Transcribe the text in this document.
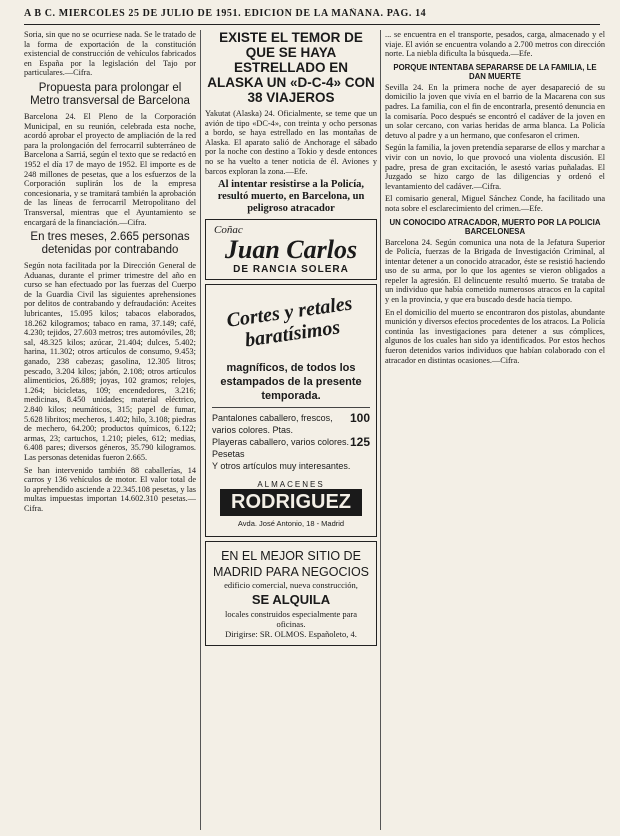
A B C. MIERCOLES 25 DE JULIO DE 1951. EDICION DE LA MAÑANA. PAG. 14

Soria, sin que no se ocurriese nada. Se le tratado de la forma de exportación de la constitución existencial de construcción de vehículos fabricados en España por la legislación del Tajo por particulares.—Cifra.

Propuesta para prolongar el Metro transversal de Barcelona

Barcelona 24. El Pleno de la Corporación Municipal, en su reunión, celebrada esta noche, acordó aprobar el proyecto de ampliación de la red para la prolongación del ferrocarril subterráneo de Barcelona a Sarriá, según el texto que se redactó en 1952 el día 17 de mayo de 1952. El importe es de 248 millones de pesetas, que a los esfuerzos de la Corporación suplirán los de la empresa concesionaria, y se tramitará también la aprobación de las líneas de ferrocarril Metropolitano del Transversal, mientras que el Ayuntamiento se encargará de la financiación.—Cifra.

En tres meses, 2.665 personas detenidas por contrabando

Según nota facilitada por la Dirección General de Aduanas, durante el primer trimestre del año en curso se han efectuado por las fuerzas del Cuerpo de la Guardia Civil las siguientes aprehensiones por delitos de contrabando y defraudación: Aceites lubricantes, 15.095 kilos; tabacos elaborados, 18.262 kilogramos; tabaco en rama, 37.149; café, 4.230; tejidos, 27.603 metros; tres automóviles, 28; sal, 48.325 kilos; azúcar, 21.404; dulces, 5.402; harina, 11.302; otros artículos de consumo, 9.453; ganado, 238 cabezas; gasolina, 12.305 litros; pescado, 3.204 kilos; jabón, 2.108; otros artículos alimenticios, 26.889; joyas, 102 gramos; relojes, 1.264; bicicletas, 109; encendedores, 3.216; medicinas, 8.450 unidades; material eléctrico, 2.840 kilos; neumáticos, 315; papel de fumar, 5.628 libritos; mecheros, 1.402; hilo, 3.108; piedras de mechero, 64.200; productos químicos, 6.122; armas, 23; cartuchos, 1.210; pieles, 612; medias, 6.408 pares; diversos géneros, 35.790 kilogramos. Las personas detenidas fueron 2.665.

Se han intervenido también 88 caballerías, 14 carros y 136 vehículos de motor. El valor total de lo aprehendido asciende a 22.345.108 pesetas, y las multas impuestas importan 14.602.310 pesetas.—Cifra.

EXISTE EL TEMOR DE QUE SE HAYA ESTRELLADO EN ALASKA UN «D-C-4» CON 38 VIAJEROS

Yakutat (Alaska) 24. Oficialmente, se teme que un avión de tipo «DC-4», con treinta y ocho personas a bordo, se haya estrellado en las montañas de Alaska. El aparato salió de Anchorage el sábado por la noche con destino a Tokio y desde entonces no se ha vuelto a tener noticia de él. Aviones y barcos exploran la zona.—Efe.

Al intentar resistirse a la Policía, resultó muerto, en Barcelona, un peligroso atracador
Coñac
Juan Carlos
DE RANCIA SOLERA
Cortes y retales baratísimos
magníficos, de todos los estampados de la presente temporada.
Pantalones caballero, frescos, varios colores. Ptas.
100
Playeras caballero, varios colores. Pesetas
125
Y otros artículos muy interesantes.
ALMACENES
RODRIGUEZ
Avda. José Antonio, 18 - Madrid
EN EL MEJOR SITIO DE MADRID PARA NEGOCIOS
edificio comercial, nueva construcción,
SE ALQUILA
locales construidos especialmente para oficinas.
Dirigirse: SR. OLMOS. Españoleto, 4.

... se encuentra en el transporte, pesados, carga, almacenado y el viaje. El avión se encuentra volando a 2.700 metros con dirección norte. La niebla dificulta la búsqueda.—Efe.

PORQUE INTENTABA SEPARARSE DE LA FAMILIA, LE DAN MUERTE

Sevilla 24. En la primera noche de ayer desapareció de su domicilio la joven que vivía en el barrio de la Macarena con sus padres. La familia, con el fin de encontrarla, presentó denuncia en la comisaría. Poco después se encontró el cadáver de la joven en un solar cercano, con varias heridas de arma blanca. La Policía detuvo al padre y a un hermano, que confesaron el crimen.

Según la familia, la joven pretendía separarse de ellos y marchar a vivir con un novio, lo que provocó una violenta discusión. El padre, presa de gran excitación, le asestó varias puñaladas. El Juzgado se hizo cargo de las diligencias y ordenó el levantamiento del cadáver.—Cifra.

El comisario general, Miguel Sánchez Conde, ha facilitado una nota sobre el esclarecimiento del crimen.—Efe.

UN CONOCIDO ATRACADOR, MUERTO POR LA POLICIA BARCELONESA

Barcelona 24. Según comunica una nota de la Jefatura Superior de Policía, fuerzas de la Brigada de Investigación Criminal, al intentar detener a un conocido atracador, éste se resistió haciendo uso de su arma, por lo que los agentes se vieron obligados a repeler la agresión. El delincuente resultó muerto. Se trataba de un individuo que había cometido numerosos atracos en la capital y en la provincia, y que era buscado desde hacía tiempo.

En el domicilio del muerto se encontraron dos pistolas, abundante munición y diversos efectos procedentes de los atracos. La Policía continúa las investigaciones para detener a sus cómplices, algunos de los cuales han sido ya identificados. Por estos hechos fueron detenidos varios individuos que habían colaborado con el atracador en distintas ocasiones.—Cifra.
